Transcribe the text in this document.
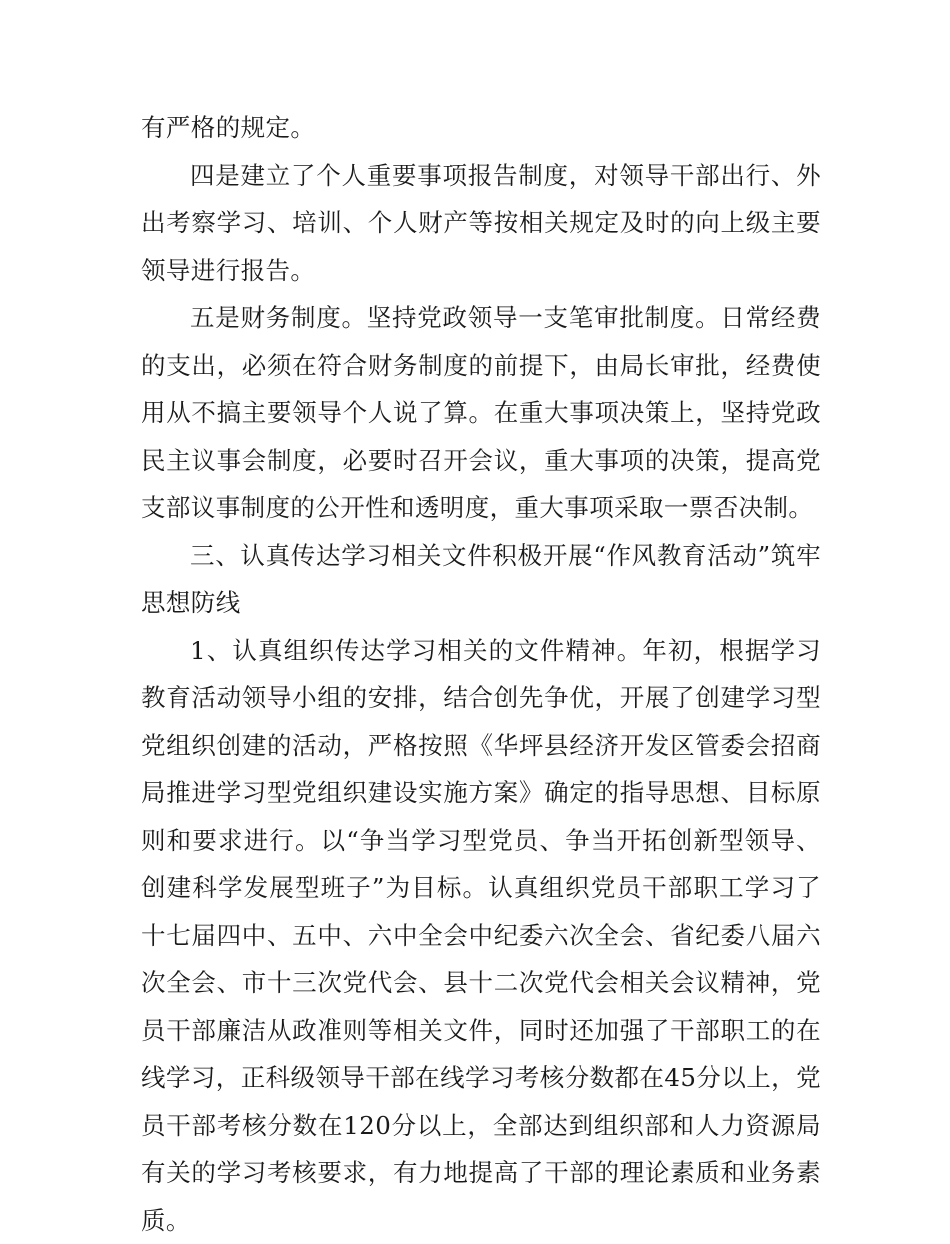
有严格的规定。

四是建立了个人重要事项报告制度，对领导干部出行、外出考察学习、培训、个人财产等按相关规定及时的向上级主要领导进行报告。

五是财务制度。坚持党政领导一支笔审批制度。日常经费的支出，必须在符合财务制度的前提下，由局长审批，经费使用从不搞主要领导个人说了算。在重大事项决策上，坚持党政民主议事会制度，必要时召开会议，重大事项的决策，提高党支部议事制度的公开性和透明度，重大事项采取一票否决制。

三、认真传达学习相关文件积极开展“作风教育活动”筑牢思想防线

1、认真组织传达学习相关的文件精神。年初，根据学习教育活动领导小组的安排，结合创先争优，开展了创建学习型党组织创建的活动，严格按照《华坪县经济开发区管委会招商局推进学习型党组织建设实施方案》确定的指导思想、目标原则和要求进行。以“争当学习型党员、争当开拓创新型领导、创建科学发展型班子”为目标。认真组织党员干部职工学习了十七届四中、五中、六中全会中纪委六次全会、省纪委八届六次全会、市十三次党代会、县十二次党代会相关会议精神，党员干部廉洁从政准则等相关文件，同时还加强了干部职工的在线学习，正科级领导干部在线学习考核分数都在45分以上，党员干部考核分数在120分以上，全部达到组织部和人力资源局有关的学习考核要求，有力地提高了干部的理论素质和业务素质。
